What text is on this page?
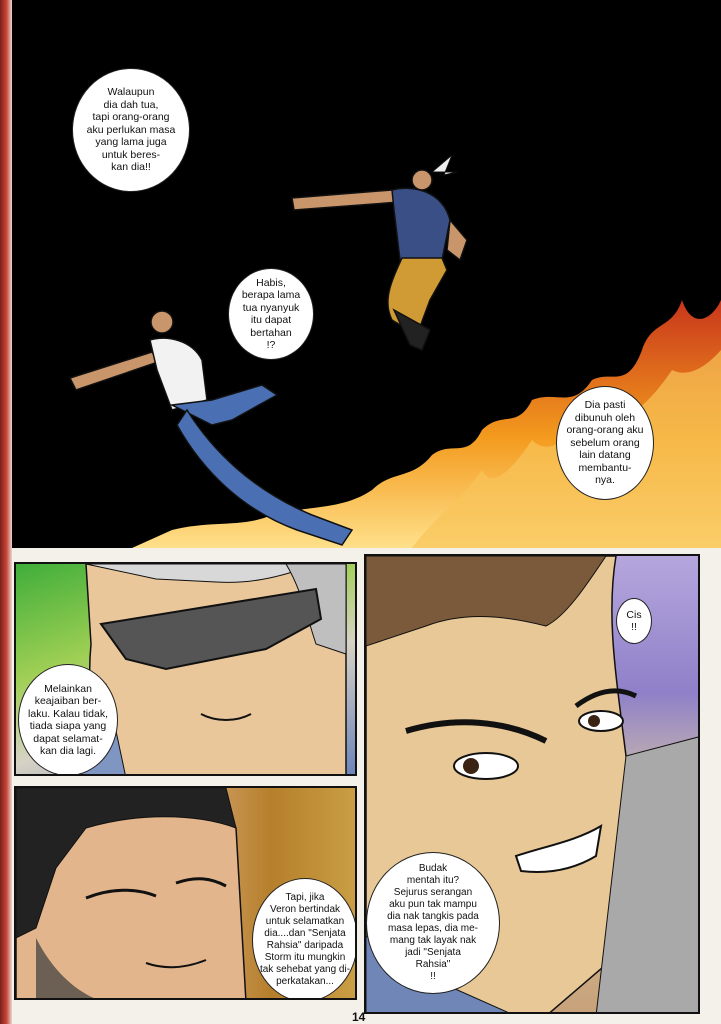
Walaupun
dia dah tua,
tapi orang-orang
aku perlukan masa
yang lama juga
untuk beres-
kan dia!!
Habis,
berapa lama
tua nyanyuk
itu dapat
bertahan
!?
Dia pasti
dibunuh oleh
orang-orang aku
sebelum orang
lain datang
membantu-
nya.
Melainkan
keajaiban ber-
laku. Kalau tidak,
tiada siapa yang
dapat selamat-
kan dia lagi.
Tapi, jika
Veron bertindak
untuk selamatkan
dia....dan "Senjata
Rahsia" daripada
Storm itu mungkin
tak sehebat yang di-
perkatakan...
Cis
!!
Budak
mentah itu?
Sejurus serangan
aku pun tak mampu
dia nak tangkis pada
masa lepas, dia me-
mang tak layak nak
jadi "Senjata
Rahsia"
!!
14
